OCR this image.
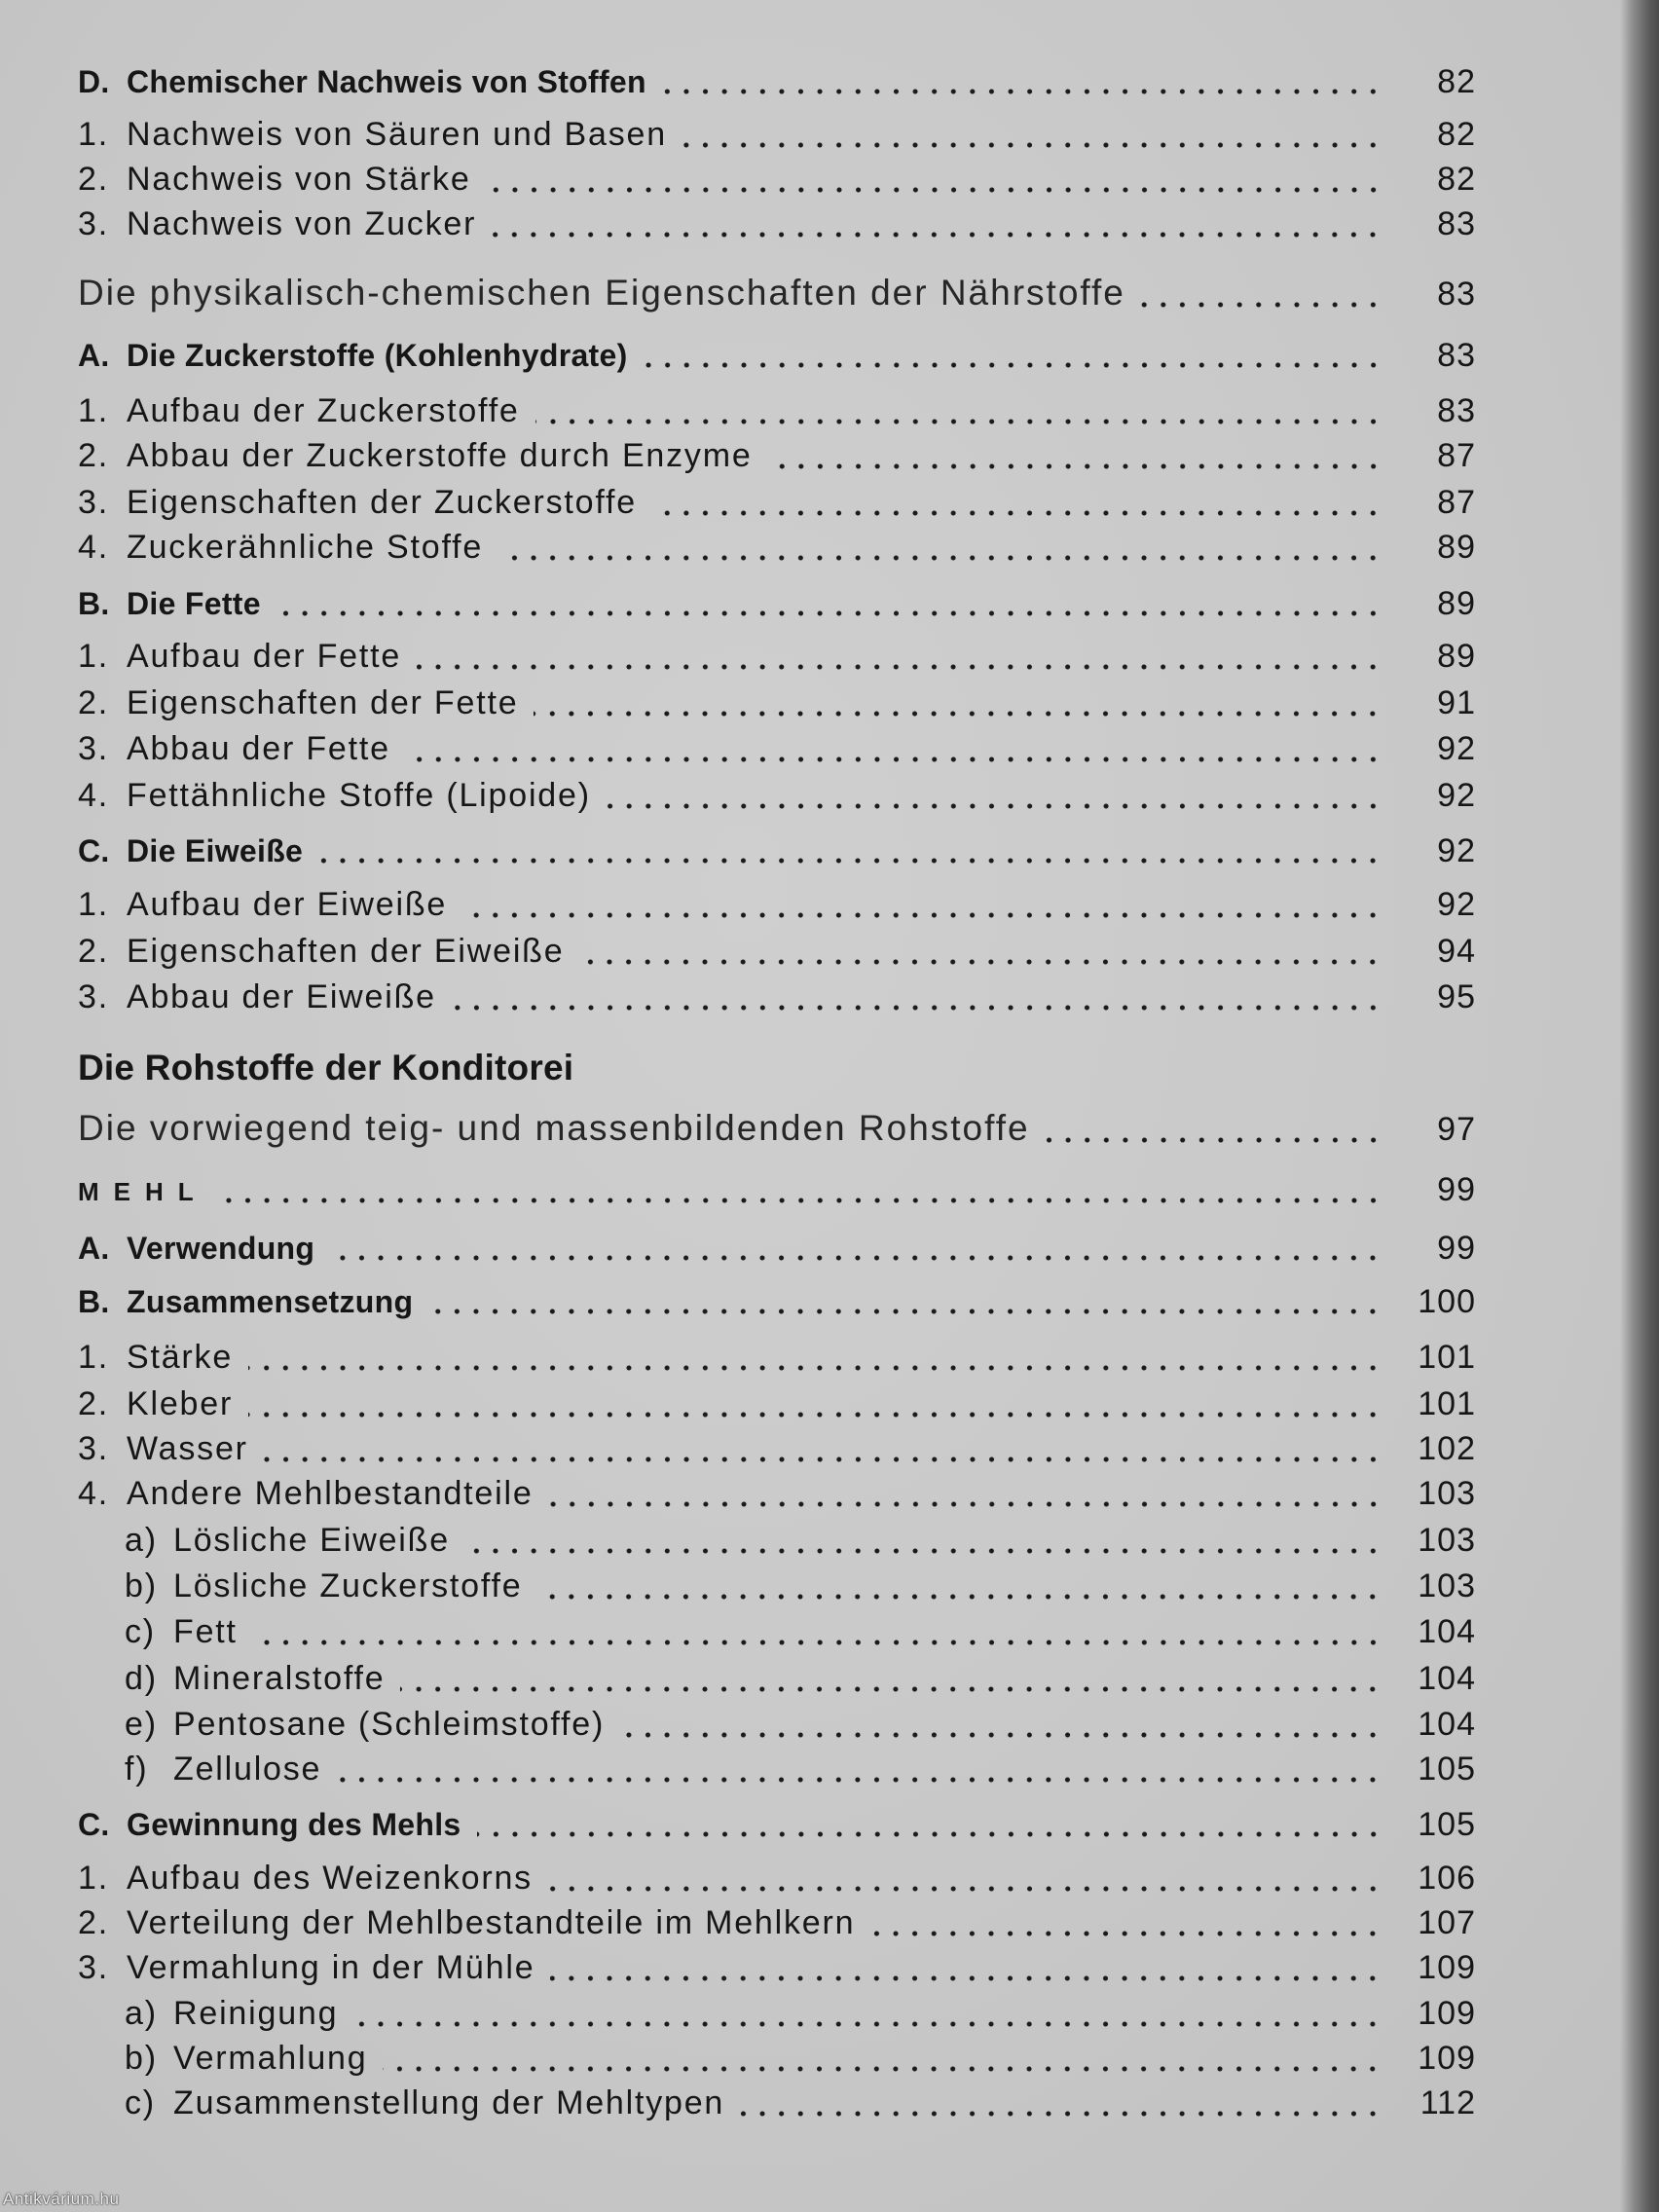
D. Chemischer Nachweis von Stoffen	82
1. Nachweis von Säuren und Basen	82
2. Nachweis von Stärke	82
3. Nachweis von Zucker	83
Die physikalisch-chemischen Eigenschaften der Nährstoffe	83
A. Die Zuckerstoffe (Kohlenhydrate)	83
1. Aufbau der Zuckerstoffe	83
2. Abbau der Zuckerstoffe durch Enzyme	87
3. Eigenschaften der Zuckerstoffe	87
4. Zuckerähnliche Stoffe	89
B. Die Fette	89
1. Aufbau der Fette	89
2. Eigenschaften der Fette	91
3. Abbau der Fette	92
4. Fettähnliche Stoffe (Lipoide)	92
C. Die Eiweiße	92
1. Aufbau der Eiweiße	92
2. Eigenschaften der Eiweiße	94
3. Abbau der Eiweiße	95
Die Rohstoffe der Konditorei
Die vorwiegend teig- und massenbildenden Rohstoffe	97
MEHL	99
A. Verwendung	99
B. Zusammensetzung	100
1. Stärke	101
2. Kleber	101
3. Wasser	102
4. Andere Mehlbestandteile	103
a) Lösliche Eiweiße	103
b) Lösliche Zuckerstoffe	103
c) Fett	104
d) Mineralstoffe	104
e) Pentosane (Schleimstoffe)	104
f) Zellulose	105
C. Gewinnung des Mehls	105
1. Aufbau des Weizenkorns	106
2. Verteilung der Mehlbestandteile im Mehlkern	107
3. Vermahlung in der Mühle	109
a) Reinigung	109
b) Vermahlung	109
c) Zusammenstellung der Mehltypen	112
Antikvárium.hu
